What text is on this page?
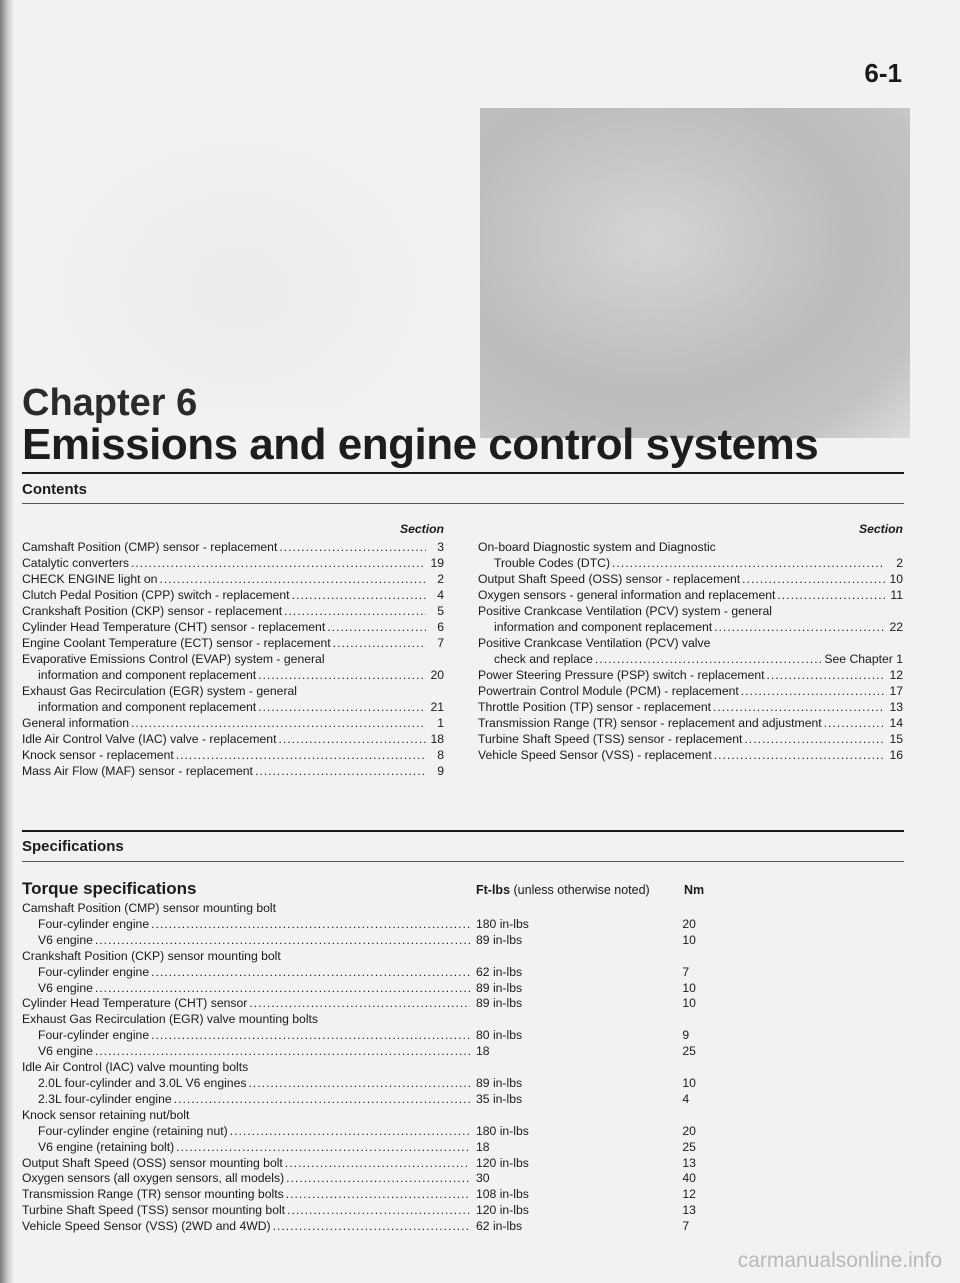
6-1
Chapter 6
Emissions and engine control systems
Contents
Section
Camshaft Position (CMP) sensor - replacement .....	3
Catalytic converters .....	19
CHECK ENGINE light on .....	2
Clutch Pedal Position (CPP) switch - replacement .....	4
Crankshaft Position (CKP) sensor - replacement .....	5
Cylinder Head Temperature (CHT) sensor - replacement .....	6
Engine Coolant Temperature (ECT) sensor - replacement .....	7
Evaporative Emissions Control (EVAP) system - general
information and component replacement .....	20
Exhaust Gas Recirculation (EGR) system - general
information and component replacement .....	21
General information .....	1
Idle Air Control Valve (IAC) valve - replacement .....	18
Knock sensor - replacement .....	8
Mass Air Flow (MAF) sensor - replacement .....	9
Section
On-board Diagnostic system and Diagnostic
Trouble Codes (DTC) .....	2
Output Shaft Speed (OSS) sensor - replacement .....	10
Oxygen sensors - general information and replacement .....	11
Positive Crankcase Ventilation (PCV) system - general
information and component replacement .....	22
Positive Crankcase Ventilation (PCV) valve
check and replace .....	See Chapter 1
Power Steering Pressure (PSP) switch - replacement .....	12
Powertrain Control Module (PCM) - replacement .....	17
Throttle Position (TP) sensor - replacement .....	13
Transmission Range (TR) sensor - replacement and adjustment .....	14
Turbine Shaft Speed (TSS) sensor - replacement .....	15
Vehicle Speed Sensor (VSS) - replacement .....	16
Specifications
Torque specifications	Ft-lbs (unless otherwise noted)	Nm
Camshaft Position (CMP) sensor mounting bolt
Four-cylinder engine .....	180 in-lbs	20
V6 engine .....	89 in-lbs	10
Crankshaft Position (CKP) sensor mounting bolt
Four-cylinder engine .....	62 in-lbs	7
V6 engine .....	89 in-lbs	10
Cylinder Head Temperature (CHT) sensor .....	89 in-lbs	10
Exhaust Gas Recirculation (EGR) valve mounting bolts
Four-cylinder engine .....	80 in-lbs	9
V6 engine .....	18	25
Idle Air Control (IAC) valve mounting bolts
2.0L four-cylinder and 3.0L V6 engines .....	89 in-lbs	10
2.3L four-cylinder engine .....	35 in-lbs	4
Knock sensor retaining nut/bolt
Four-cylinder engine (retaining nut) .....	180 in-lbs	20
V6 engine (retaining bolt) .....	18	25
Output Shaft Speed (OSS) sensor mounting bolt .....	120 in-lbs	13
Oxygen sensors (all oxygen sensors, all models) .....	30	40
Transmission Range (TR) sensor mounting bolts .....	108 in-lbs	12
Turbine Shaft Speed (TSS) sensor mounting bolt .....	120 in-lbs	13
Vehicle Speed Sensor (VSS) (2WD and 4WD) .....	62 in-lbs	7
carmanualsonline.info
